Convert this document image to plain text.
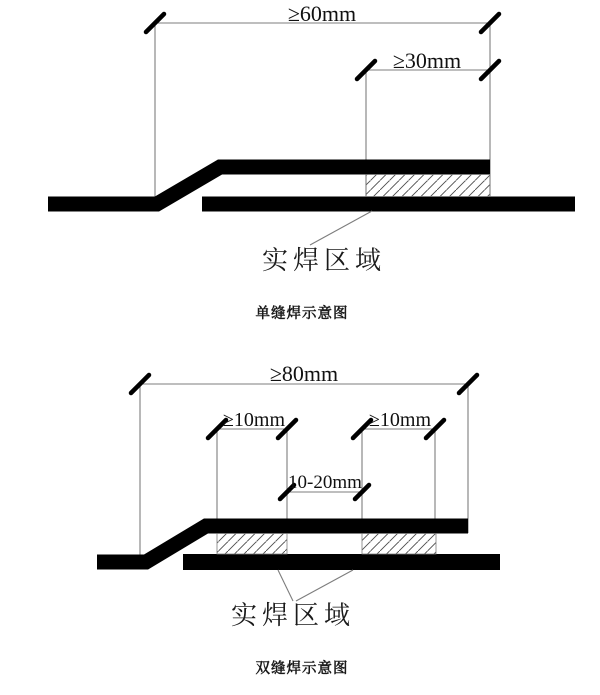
≥60mm
≥30mm
实焊区域
单缝焊示意图
≥80mm
≥10mm	≥10mm
10-20mm
实焊区域
双缝焊示意图
